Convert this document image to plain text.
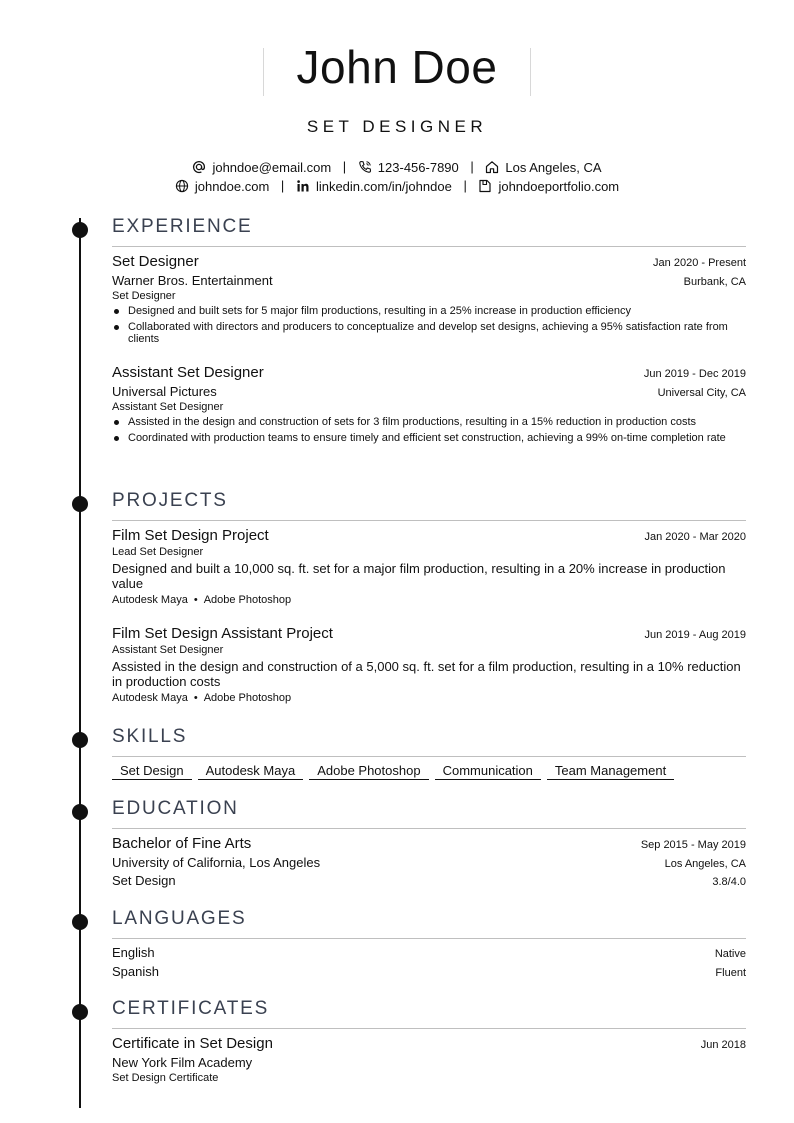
John Doe
SET DESIGNER
johndoe@email.com | 123-456-7890 | Los Angeles, CA
johndoe.com | linkedin.com/in/johndoe | johndoeportfolio.com
EXPERIENCE
Set Designer	Jan 2020 - Present
Warner Bros. Entertainment	Burbank, CA
Set Designer
Designed and built sets for 5 major film productions, resulting in a 25% increase in production efficiency
Collaborated with directors and producers to conceptualize and develop set designs, achieving a 95% satisfaction rate from clients
Assistant Set Designer	Jun 2019 - Dec 2019
Universal Pictures	Universal City, CA
Assistant Set Designer
Assisted in the design and construction of sets for 3 film productions, resulting in a 15% reduction in production costs
Coordinated with production teams to ensure timely and efficient set construction, achieving a 99% on-time completion rate
PROJECTS
Film Set Design Project	Jan 2020 - Mar 2020
Lead Set Designer
Designed and built a 10,000 sq. ft. set for a major film production, resulting in a 20% increase in production value
Autodesk Maya • Adobe Photoshop
Film Set Design Assistant Project	Jun 2019 - Aug 2019
Assistant Set Designer
Assisted in the design and construction of a 5,000 sq. ft. set for a film production, resulting in a 10% reduction in production costs
Autodesk Maya • Adobe Photoshop
SKILLS
Set Design Autodesk Maya Adobe Photoshop Communication Team Management
EDUCATION
Bachelor of Fine Arts	Sep 2015 - May 2019
University of California, Los Angeles	Los Angeles, CA
Set Design	3.8/4.0
LANGUAGES
English	Native
Spanish	Fluent
CERTIFICATES
Certificate in Set Design	Jun 2018
New York Film Academy
Set Design Certificate
